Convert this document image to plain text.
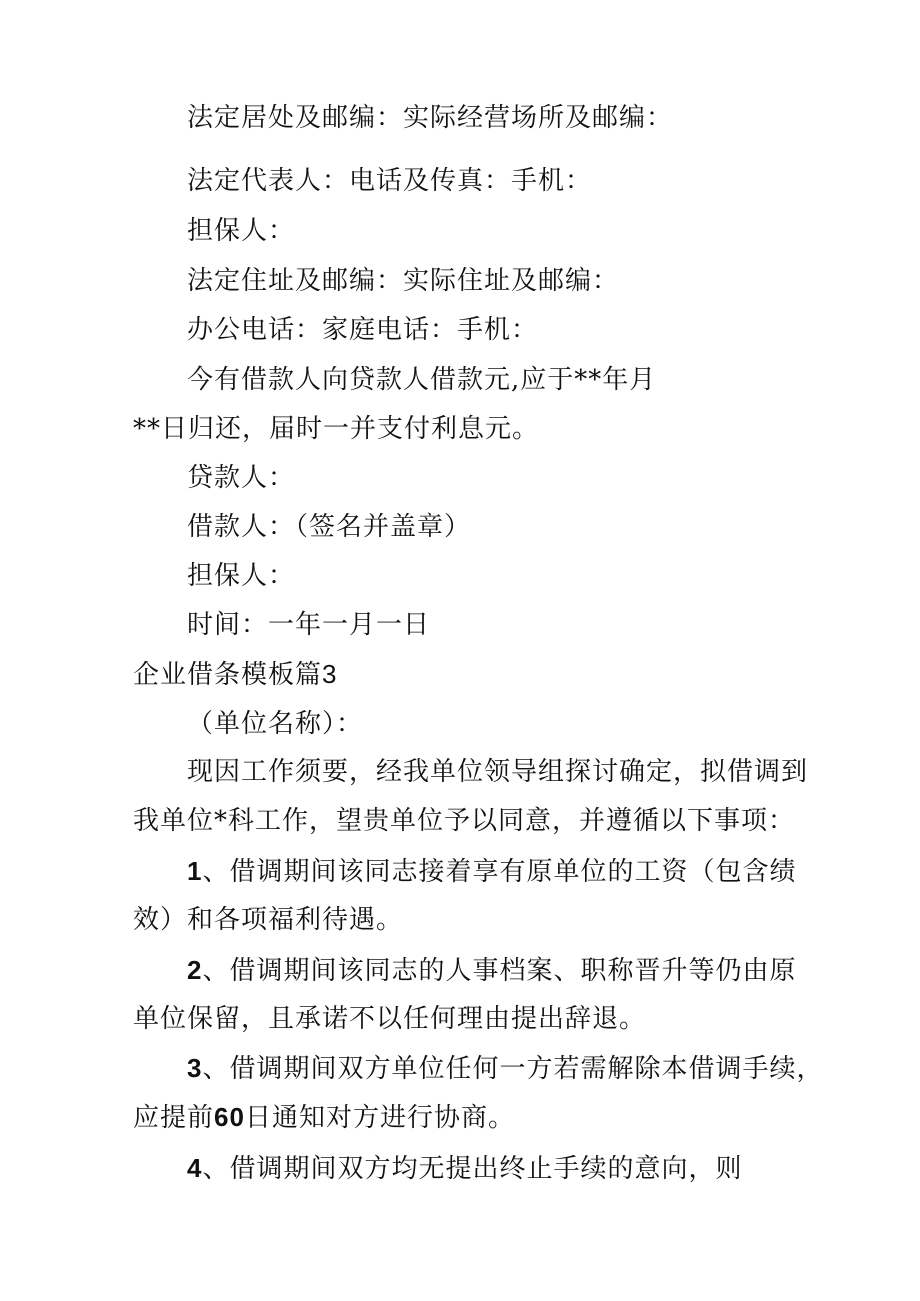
法定居处及邮编：实际经营场所及邮编：
法定代表人：电话及传真：手机：
担保人：
法定住址及邮编：实际住址及邮编：
办公电话：家庭电话：手机：
今有借款人向贷款人借款元,应于**年月
**日归还，届时一并支付利息元。
贷款人：
借款人：（签名并盖章）
担保人：
时间：一年一月一日
企业借条模板篇3
（单位名称）：
现因工作须要，经我单位领导组探讨确定，拟借调到
我单位*科工作，望贵单位予以同意，并遵循以下事项：
1、借调期间该同志接着享有原单位的工资（包含绩
效）和各项福利待遇。
2、借调期间该同志的人事档案、职称晋升等仍由原
单位保留，且承诺不以任何理由提出辞退。
3、借调期间双方单位任何一方若需解除本借调手续，
应提前60日通知对方进行协商。
4、借调期间双方均无提出终止手续的意向，则
